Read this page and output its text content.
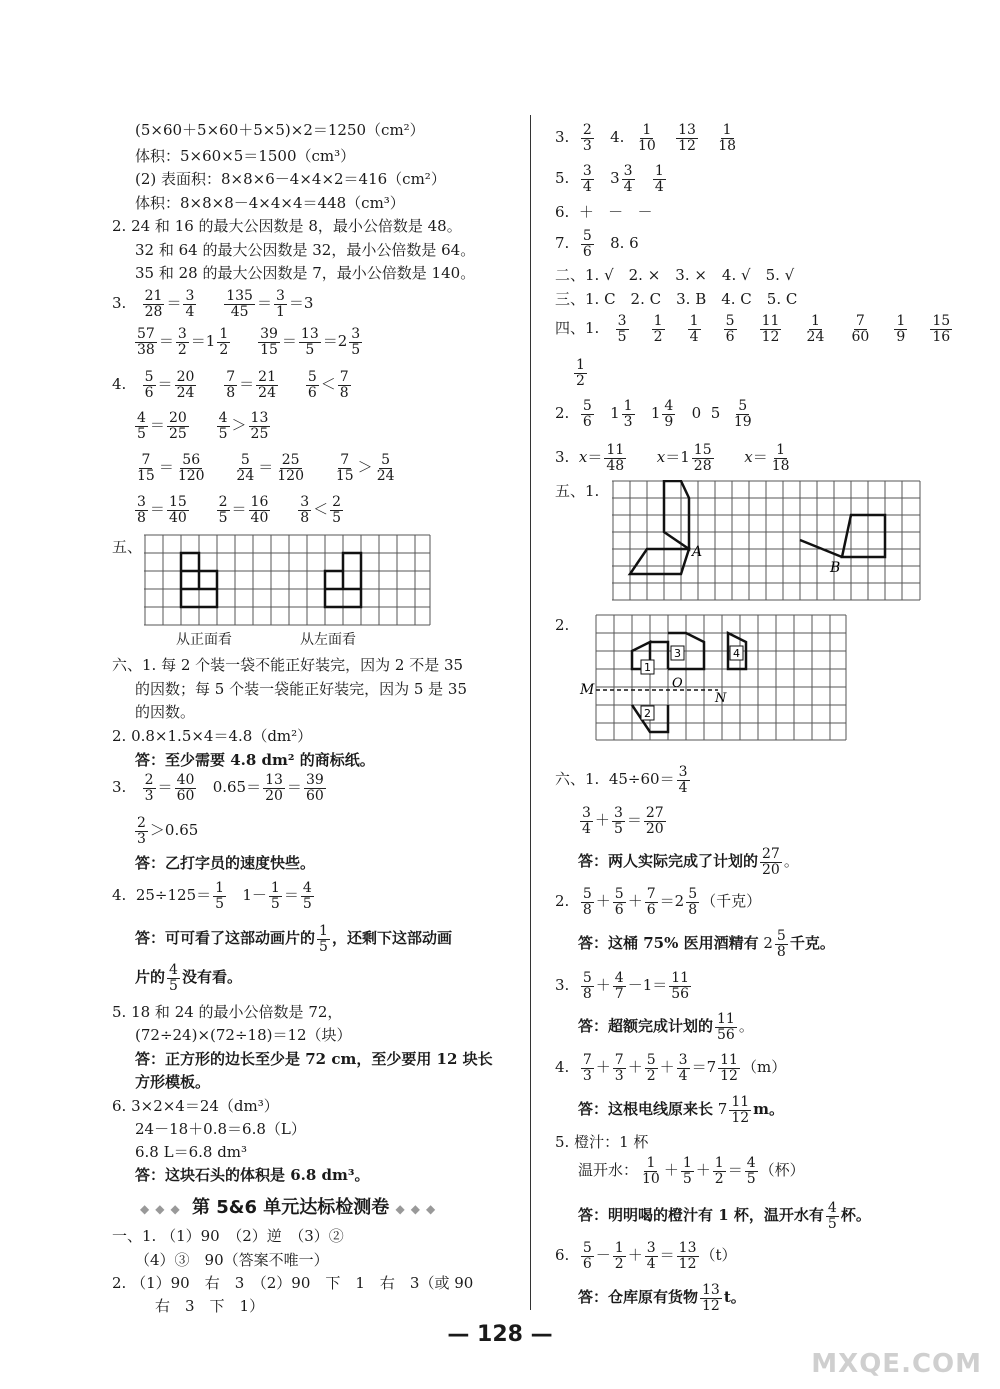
(5×60＋5×60＋5×5)×2＝1250（cm²）
体积：5×60×5＝1500（cm³）
(2) 表面积：8×8×6－4×4×2＝416（cm²）
体积：8×8×8－4×4×4＝448（cm³）
2. 24 和 16 的最大公因数是 8，最小公倍数是 48。
32 和 64 的最大公因数是 32，最小公倍数是 64。
35 和 28 的最大公因数是 7，最小公倍数是 140。
3. $\frac{21}{28} = \frac{3}{4}$
$\frac{135}{45} = \frac{3}{1} =3$
$\frac{57}{38} = \frac{3}{2} =1 \frac{1}{2}$
$\frac{39}{15} = \frac{13}{5} =2 \frac{3}{5}$
4. $\frac{5}{6} = \frac{20}{24}$
$\frac{7}{8} = \frac{21}{24}$
$\frac{5}{6} < \frac{7}{8}$
$\frac{4}{5} = \frac{20}{25}$
$\frac{4}{5} > \frac{13}{25}$
$\frac{7}{15} = \frac{56}{120}$
$\frac{5}{24} = \frac{25}{120}$
$\frac{7}{15} > \frac{5}{24}$
$\frac{3}{8} = \frac{15}{40}$
$\frac{2}{5} = \frac{16}{40}$
$\frac{3}{8} < \frac{2}{5}$
五、
从正面看	从左面看
六、1. 每 2 个装一袋不能正好装完，因为 2 不是 35
的因数；每 5 个装一袋能正好装完，因为 5 是 35
的因数。
2. 0.8×1.5×4＝4.8（dm²）
答：至少需要 4.8 dm² 的商标纸。
3. $\frac{2}{3} = \frac{40}{60} 0.65= \frac{13}{20} = \frac{39}{60}$
$\frac{2}{3} >0.65$
答：乙打字员的速度快些。
4.  $25\div 125= \frac{1}{5} 1- \frac{1}{5} = \frac{4}{5}$
答：可可看了这部动画片的 $\frac{1}{5}$ ，还剩下这部动画
片的 $\frac{4}{5}$ 没有看。
5. 18 和 24 的最小公倍数是 72，
(72÷24)×(72÷18)＝12（块）
答：正方形的边长至少是 72 cm，至少要用 12 块长
方形模板。
6. 3×2×4＝24（dm³）
24－18＋0.8＝6.8（L）
6.8 L＝6.8 dm³
答：这块石头的体积是 6.8 dm³。
◆◆◆ 第 5&6 单元达标检测卷 ◆◆◆
一、1. （1）90　（2）逆　（3）②
（4）③　90（答案不唯一）
2. （1）90　右　3　（2）90　下　1　右　3（或 90
右　3　下　1）
3. $\frac{2}{3} 4$. $\frac{1}{10}$
$\frac{13}{12}$
$\frac{1}{18}$
5. $\frac{3}{4} 3 \frac{3}{4}$
$\frac{1}{4}$
6.  ＋   －   －
7. $\frac{5}{6} 8$. 6
二、1. √　2. ×　3. ×　4. √　5. √
三、1. C　2. C　3. B　4. C　5. C
四、1. $\frac{3}{5}$
$\frac{1}{2}$
$\frac{1}{4}$
$\frac{5}{6}$
$\frac{11}{12}$
$\frac{1}{24}$
$\frac{7}{60}$
$\frac{1}{9}$
$\frac{15}{16}$
$\frac{1}{2}$
2. $\frac{5}{6} 1 \frac{1}{3} 1 \frac{4}{9} 0$  $5 \frac{5}{19}$
3.  $x= \frac{11}{48} x=1 \frac{15}{28} x= \frac{1}{18}$
五、1.
A
B
2.
1
3
2
4
M	O
N
六、1.  $45\div 60= \frac{3}{4}$
$\frac{3}{4} + \frac{3}{5} = \frac{27}{20}$
答：两人实际完成了计划的 $\frac{27}{20}$ 。
2. $\frac{5}{8} + \frac{5}{6} + \frac{7}{6} =2 \frac{5}{8}$ （千克）
答：这桶 75% 医用酒精有 $2 \frac{5}{8}$ 千克。
3. $\frac{5}{8} + \frac{4}{7} -1= \frac{11}{56}$
答：超额完成计划的 $\frac{11}{56}$ 。
4. $\frac{7}{3} + \frac{7}{3} + \frac{5}{2} + \frac{3}{4} =7 \frac{11}{12} (m)$
答：这根电线原来长 $7 \frac{11}{12}$ m。
5. 橙汁：1 杯
温开水： $\frac{1}{10} + \frac{1}{5} + \frac{1}{2} = \frac{4}{5}$ （杯）
答：明明喝的橙汁有 1 杯，温开水有 $\frac{4}{5}$ 杯。
6. $\frac{5}{6} - \frac{1}{2} + \frac{3}{4} = \frac{13}{12} (t)$
答：仓库原有货物 $\frac{13}{12}$ t。
— 128 —
MXQE.COM
